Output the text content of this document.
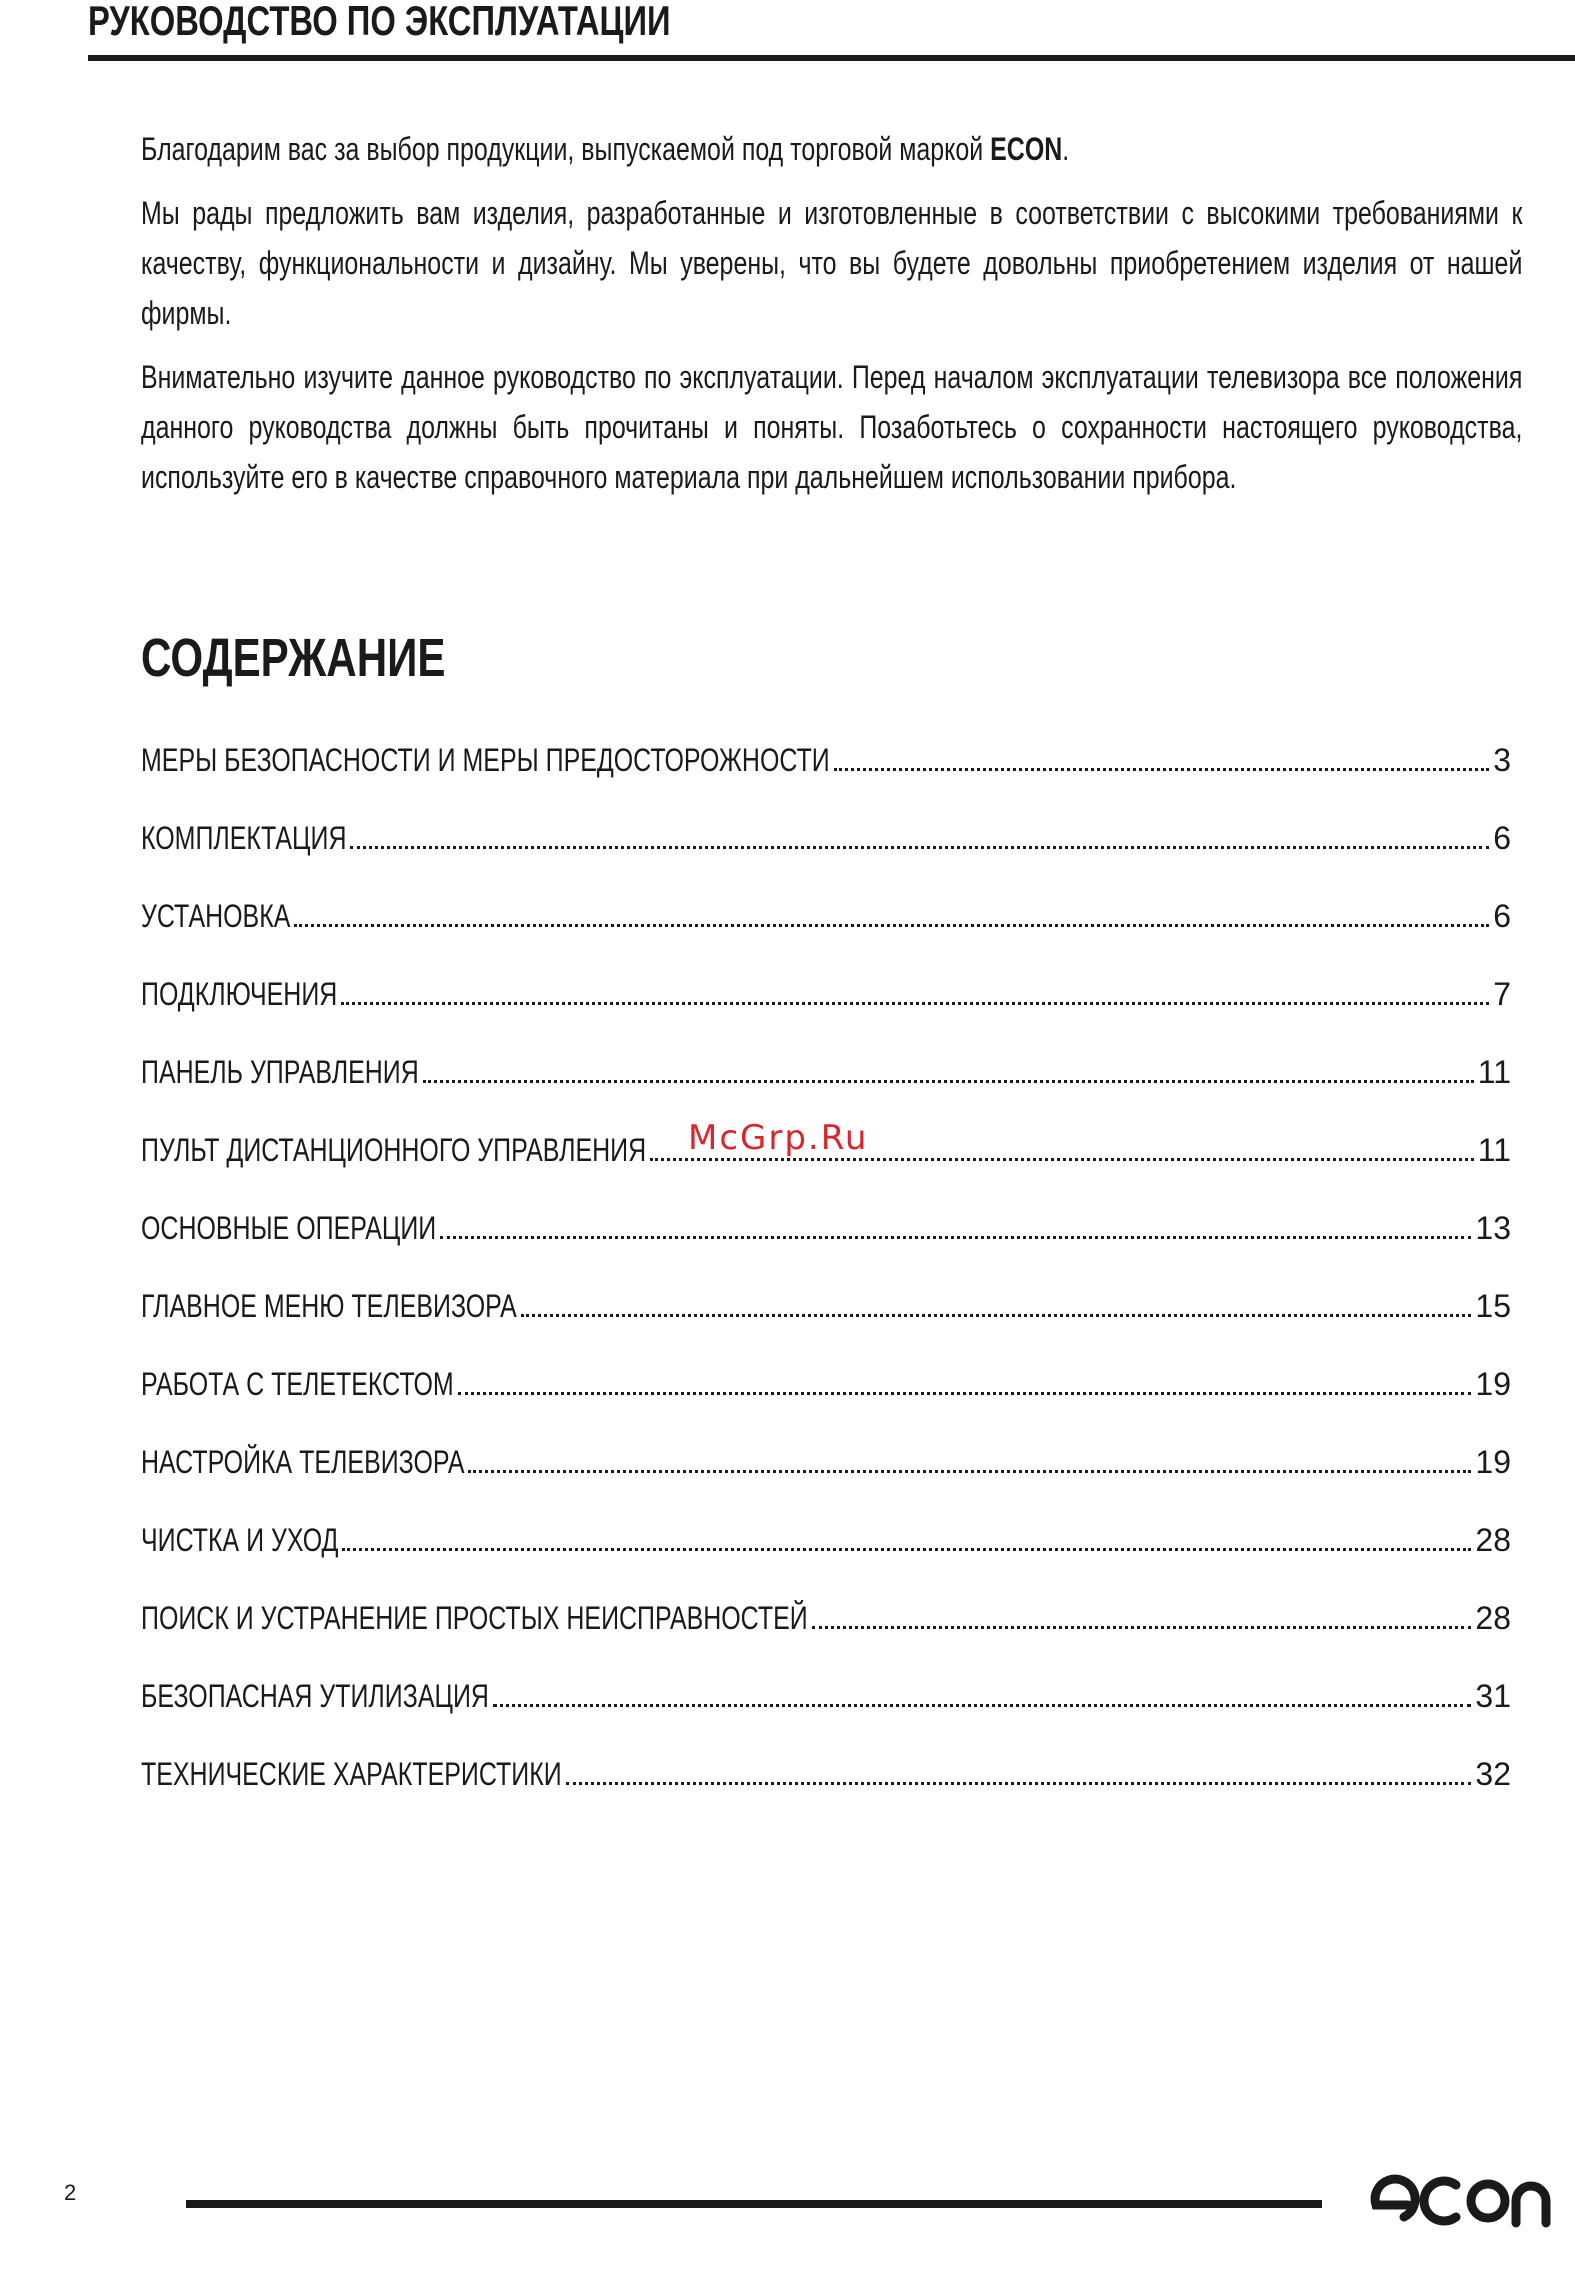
РУКОВОДСТВО ПО ЭКСПЛУАТАЦИИ

Благодарим вас за выбор продукции, выпускаемой под торговой маркой ECON.

Мы рады предложить вам изделия, разработанные и изготовленные в соответствии с высокими требованиями к качеству, функциональности и дизайну. Мы уверены, что вы будете довольны приобретением изделия от нашей фирмы.

Внимательно изучите данное руководство по эксплуатации. Перед началом эксплуатации телевизора все положения данного руководства должны быть прочитаны и поняты. Позаботьтесь о сохранности настоящего руководства, используйте его в качестве справочного материала при дальнейшем использовании прибора.

СОДЕРЖАНИЕ
МЕРЫ БЕЗОПАСНОСТИ И МЕРЫ ПРЕДОСТОРОЖНОСТИ	3
КОМПЛЕКТАЦИЯ	6
УСТАНОВКА	6
ПОДКЛЮЧЕНИЯ	7
ПАНЕЛЬ УПРАВЛЕНИЯ	11
ПУЛЬТ ДИСТАНЦИОННОГО УПРАВЛЕНИЯ	11
ОСНОВНЫЕ ОПЕРАЦИИ	13
ГЛАВНОЕ МЕНЮ ТЕЛЕВИЗОРА	15
РАБОТА С ТЕЛЕТЕКСТОМ	19
НАСТРОЙКА ТЕЛЕВИЗОРА	19
ЧИСТКА И УХОД	28
ПОИСК И УСТРАНЕНИЕ ПРОСТЫХ НЕИСПРАВНОСТЕЙ	28
БЕЗОПАСНАЯ УТИЛИЗАЦИЯ	31
ТЕХНИЧЕСКИЕ ХАРАКТЕРИСТИКИ	32
McGrp.Ru
2
